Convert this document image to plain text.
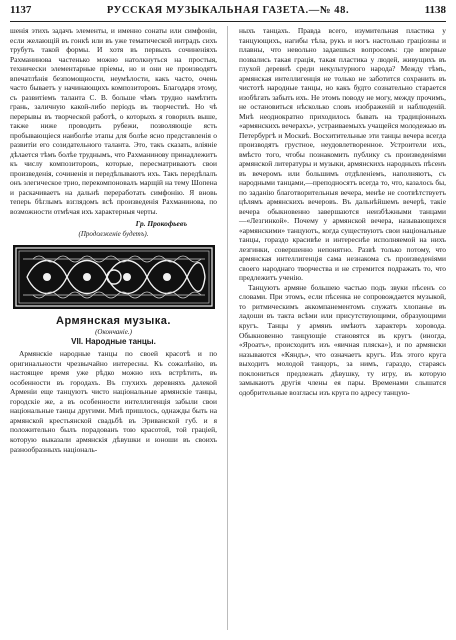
1137	РУССКАЯ МУЗЫКАЛЬНАЯ ГАЗЕТА.—№ 48.	1138

шенія этихъ задачъ элементы, и именно сонаты или симфоніи, если желающій въ гонкѣ или въ уже тематической интрадъ сихъ трубуть такой формы. И хотя въ первыхъ сочиненіяхъ Рахманинова частенько можно натолкнуться на простыя, технически элементарные пріемы, но и они не производятъ впечатлѣнія безпомощности, неумѣлости, какъ часто, очень часто бываетъ у начинающихъ композиторовъ. Благодаря этому, съ развитіемъ таланта С. В. больше чѣмъ трудно намѣтить грань, заличную какой-либо періодъ въ творчествѣ. Но чѣ перерывы въ творческой работѣ, о которыхъ я говорилъ выше, также ниже проводить рубежи, позволяющіе ясть пробывающіеся наиболѣе этапы для болѣе ясно представленія о развитіи его созидательного таланта. Это, такъ сказать, вліяніе дѣлается тѣмъ болѣе труднымъ, что Рахманинову принадлежитъ къ числу композиторовъ, которые, пересматриваютъ свои произведенія, сочиненія и передѣлываютъ ихъ. Такъ передѣлалъ онъ элегическое трио, перекомпоновалъ марщій на тему Шопена и раскачиваетъ на дальнѣ переработать симфонію. Я вновь теперь бѣглымъ взглядомъ всѣ произведенія Рахманинова, по возможности отмѣчая ихъ характерныя черты.

Гр. Прокофьевъ
(Продолженіе будетъ).
Армянская музыка.
(Окончаніе.)
VII. Народные танцы.

Армянскіе народные танцы по своей красотѣ и по оригинальности чрезвычайно интересны. Къ сожалѣнію, въ настоящее время уже рѣдко можно ихъ встрѣтить, въ особенности въ городахъ. Въ глухихъ деревняхъ далекой Арменіи еще танцуютъ чисто національные армянскіе танцы, городскіе же, а въ особенности интеллигенція забыли свои національные танцы другими. Мнѣ пришлось, однажды быть на армянской крестьянской свадьбѣ въ Эриванской губ. и я положительно былъ порадованъ тою красотой, той граціей, которую выказали армянскія дѣвушки и юноши въ своихъ разнообразныхъ національ-

ныхъ танцахъ. Правда всего, изумительная пластика у танцующихъ, нагибы тѣла, рукъ и ногъ настолько граціозны и плавны, что невольно задаешься вопросомъ: где впервые позвались такая грація, такая пластика у людей, живущихъ въ глухой деревнѣ среди некультурного народа? Между тѣмъ, армянская интеллигенція не только не заботится сохранить въ чистотѣ народные танцы, но какъ будто сознательно старается изобѣгать забыть ихъ. Не этомъ поводу не могу, между прочимъ, не остановиться нѣсколько словъ изображеній и наблюденій. Мнѣ неоднократно приходилось бывать на традиціонныхъ «армянскихъ вечерахъ», устраиваемыхъ учащейся молодежью въ Петербургѣ и Москвѣ. Восхитительные эти танцы вечера всегда производятъ грустное, неудовлетворенное. Устроители ихъ, вмѣсто того, чтобы познакомить публику съ произведеніями армянской литературы и музыки, армянскихъ народныхъ пѣсенъ въ вечеромъ или большимъ отдѣленіемъ, наполняютъ, съ народными танцами,—преподносятъ всегда то, что, казалось бы, по заданію благотворительныя вечера, менѣе не соотвѣтствуетъ цѣлямъ армянскихъ вечеровъ. Въ дальнѣйшемъ вечерѣ, такіе вечера обыкновенно завершаются неизбѣжными танцами—«Лезгинкой». Почему у армянской вечера, называющихся «армянскими» танцуютъ, когда существуютъ свои національные танцы, гораздо красивѣе и интереснѣе исполняемой на нихъ лезгинки, совершенно непонятно. Развѣ только потому, что армянская интеллигенція сама незнакома съ произведеніями своего народнаго творчества и не стремится подражать то, что предлежитъ ученію.

Танцуютъ армяне большею частью подъ звуки пѣсенъ со словами. При этомъ, если пѣсенка не сопровождается музыкой, то ритмическимъ аккомпанементомъ служатъ хлопанье въ ладоши въ такта всѣми или присутствующими, образующими кругъ. Танцы у армянъ имѣютъ характеръ хоровода. Обыкновенно танцующіе становятся въ кругъ (иногда, «Яроатъ», происходитъ изъ «яичная пляска»), и по армянски называются «Кяндъ», что означаетъ кругъ. Изъ этого круга выходитъ молодой танцоръ, за нимъ, гараздо, стараясь поклониться предлежать дѣвушку, ту игру, въ которую замыкаютъ другія члены ея пары. Временами слышатся одобрительные возгласы изъ круга по адресу танцую-
